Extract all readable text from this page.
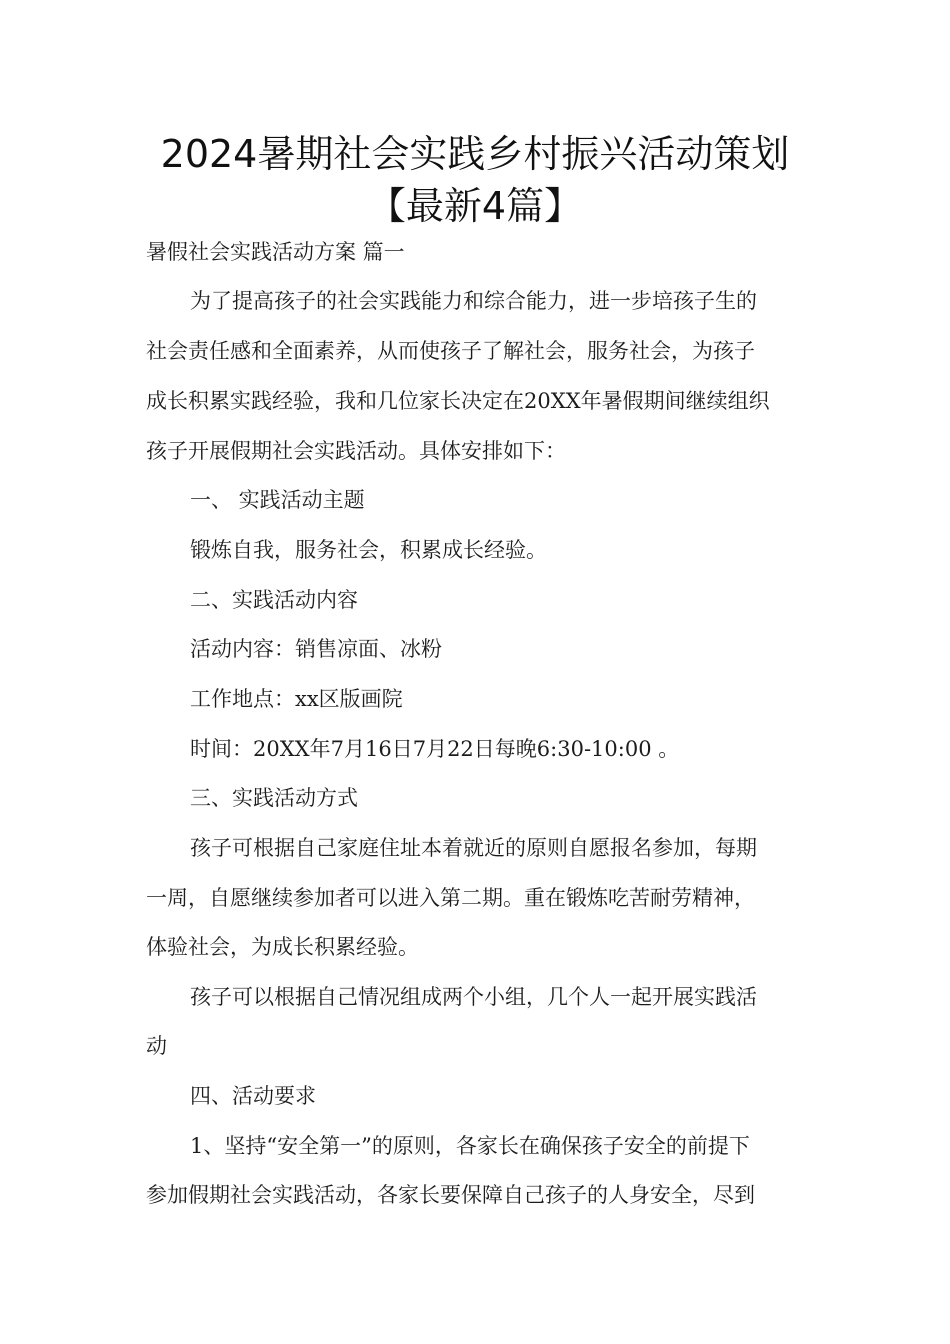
2024暑期社会实践乡村振兴活动策划
【最新4篇】
暑假社会实践活动方案 篇一
为了提高孩子的社会实践能力和综合能力，进一步培孩子生的
社会责任感和全面素养，从而使孩子了解社会，服务社会，为孩子
成长积累实践经验，我和几位家长决定在20XX年暑假期间继续组织
孩子开展假期社会实践活动。具体安排如下：
一、 实践活动主题
锻炼自我，服务社会，积累成长经验。
二、实践活动内容
活动内容：销售凉面、冰粉
工作地点：xx区版画院
时间：20XX年7月16日7月22日每晚6:30-10:00 。
三、实践活动方式
孩子可根据自己家庭住址本着就近的原则自愿报名参加，每期
一周，自愿继续参加者可以进入第二期。重在锻炼吃苦耐劳精神，
体验社会，为成长积累经验。
孩子可以根据自己情况组成两个小组，几个人一起开展实践活
动
四、活动要求
1、坚持“安全第一”的原则，各家长在确保孩子安全的前提下
参加假期社会实践活动，各家长要保障自己孩子的人身安全，尽到
